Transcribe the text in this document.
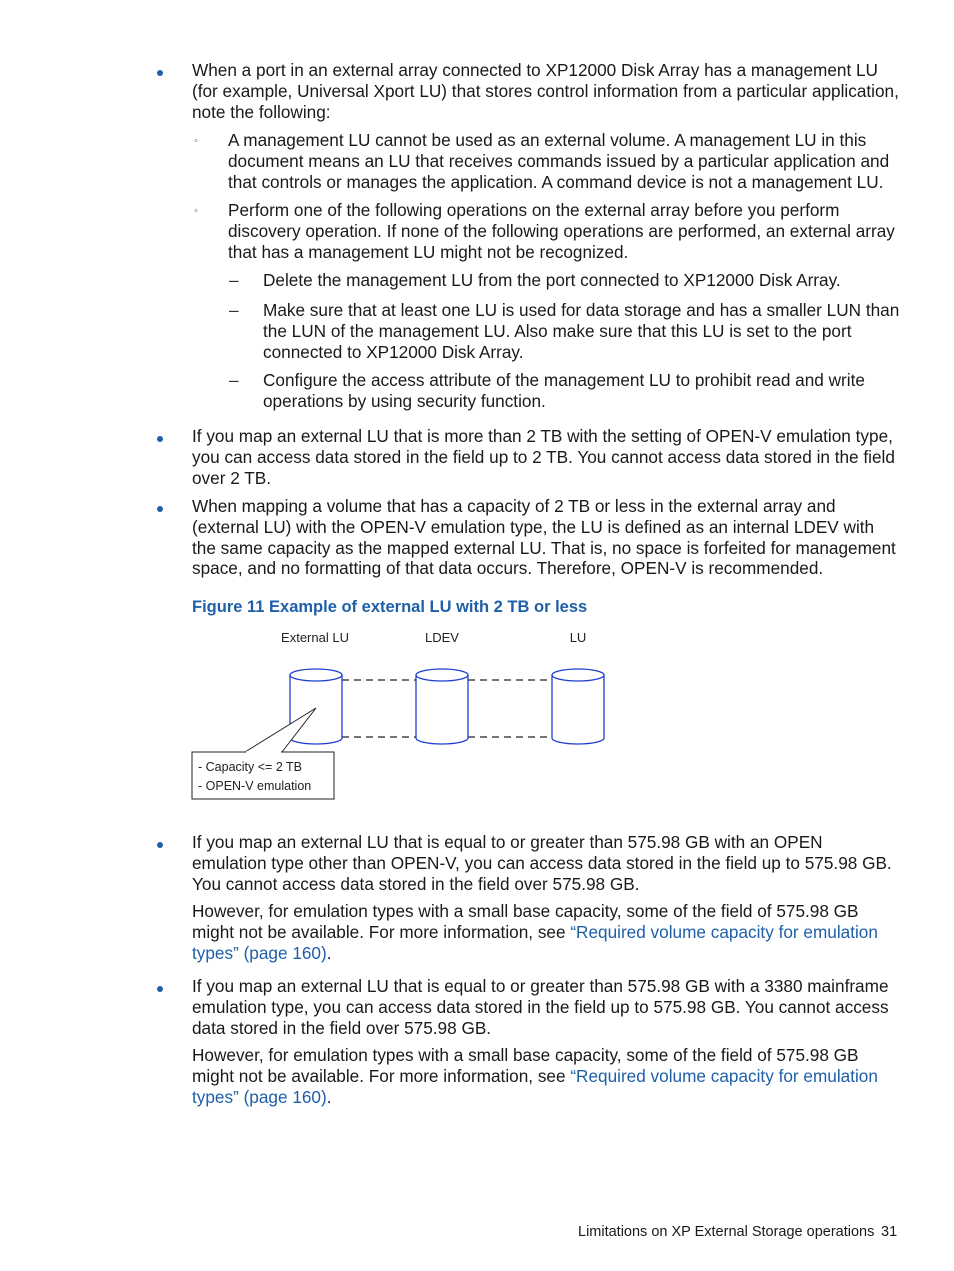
When a port in an external array connected to XP12000 Disk Array has a management LU (for example, Universal Xport LU) that stores control information from a particular application, note the following:
◦ A management LU cannot be used as an external volume. A management LU in this document means an LU that receives commands issued by a particular application and that controls or manages the application. A command device is not a management LU.
◦ Perform one of the following operations on the external array before you perform discovery operation. If none of the following operations are performed, an external array that has a management LU might not be recognized.
– Delete the management LU from the port connected to XP12000 Disk Array.
– Make sure that at least one LU is used for data storage and has a smaller LUN than the LUN of the management LU. Also make sure that this LU is set to the port connected to XP12000 Disk Array.
– Configure the access attribute of the management LU to prohibit read and write operations by using security function.
If you map an external LU that is more than 2 TB with the setting of OPEN-V emulation type, you can access data stored in the field up to 2 TB. You cannot access data stored in the field over 2 TB.
When mapping a volume that has a capacity of 2 TB or less in the external array and (external LU) with the OPEN-V emulation type, the LU is defined as an internal LDEV with the same capacity as the mapped external LU. That is, no space is forfeited for management space, and no formatting of that data occurs. Therefore, OPEN-V is recommended.
Figure 11 Example of external LU with 2 TB or less
External LU	LDEV	LU
- Capacity <= 2 TB
- OPEN-V emulation
If you map an external LU that is equal to or greater than 575.98 GB with an OPEN emulation type other than OPEN-V, you can access data stored in the field up to 575.98 GB. You cannot access data stored in the field over 575.98 GB.
However, for emulation types with a small base capacity, some of the field of 575.98 GB might not be available. For more information, see “Required volume capacity for emulation types” (page 160).
If you map an external LU that is equal to or greater than 575.98 GB with a 3380 mainframe emulation type, you can access data stored in the field up to 575.98 GB. You cannot access data stored in the field over 575.98 GB.
However, for emulation types with a small base capacity, some of the field of 575.98 GB might not be available. For more information, see “Required volume capacity for emulation types” (page 160).
Limitations on XP External Storage operations 31
